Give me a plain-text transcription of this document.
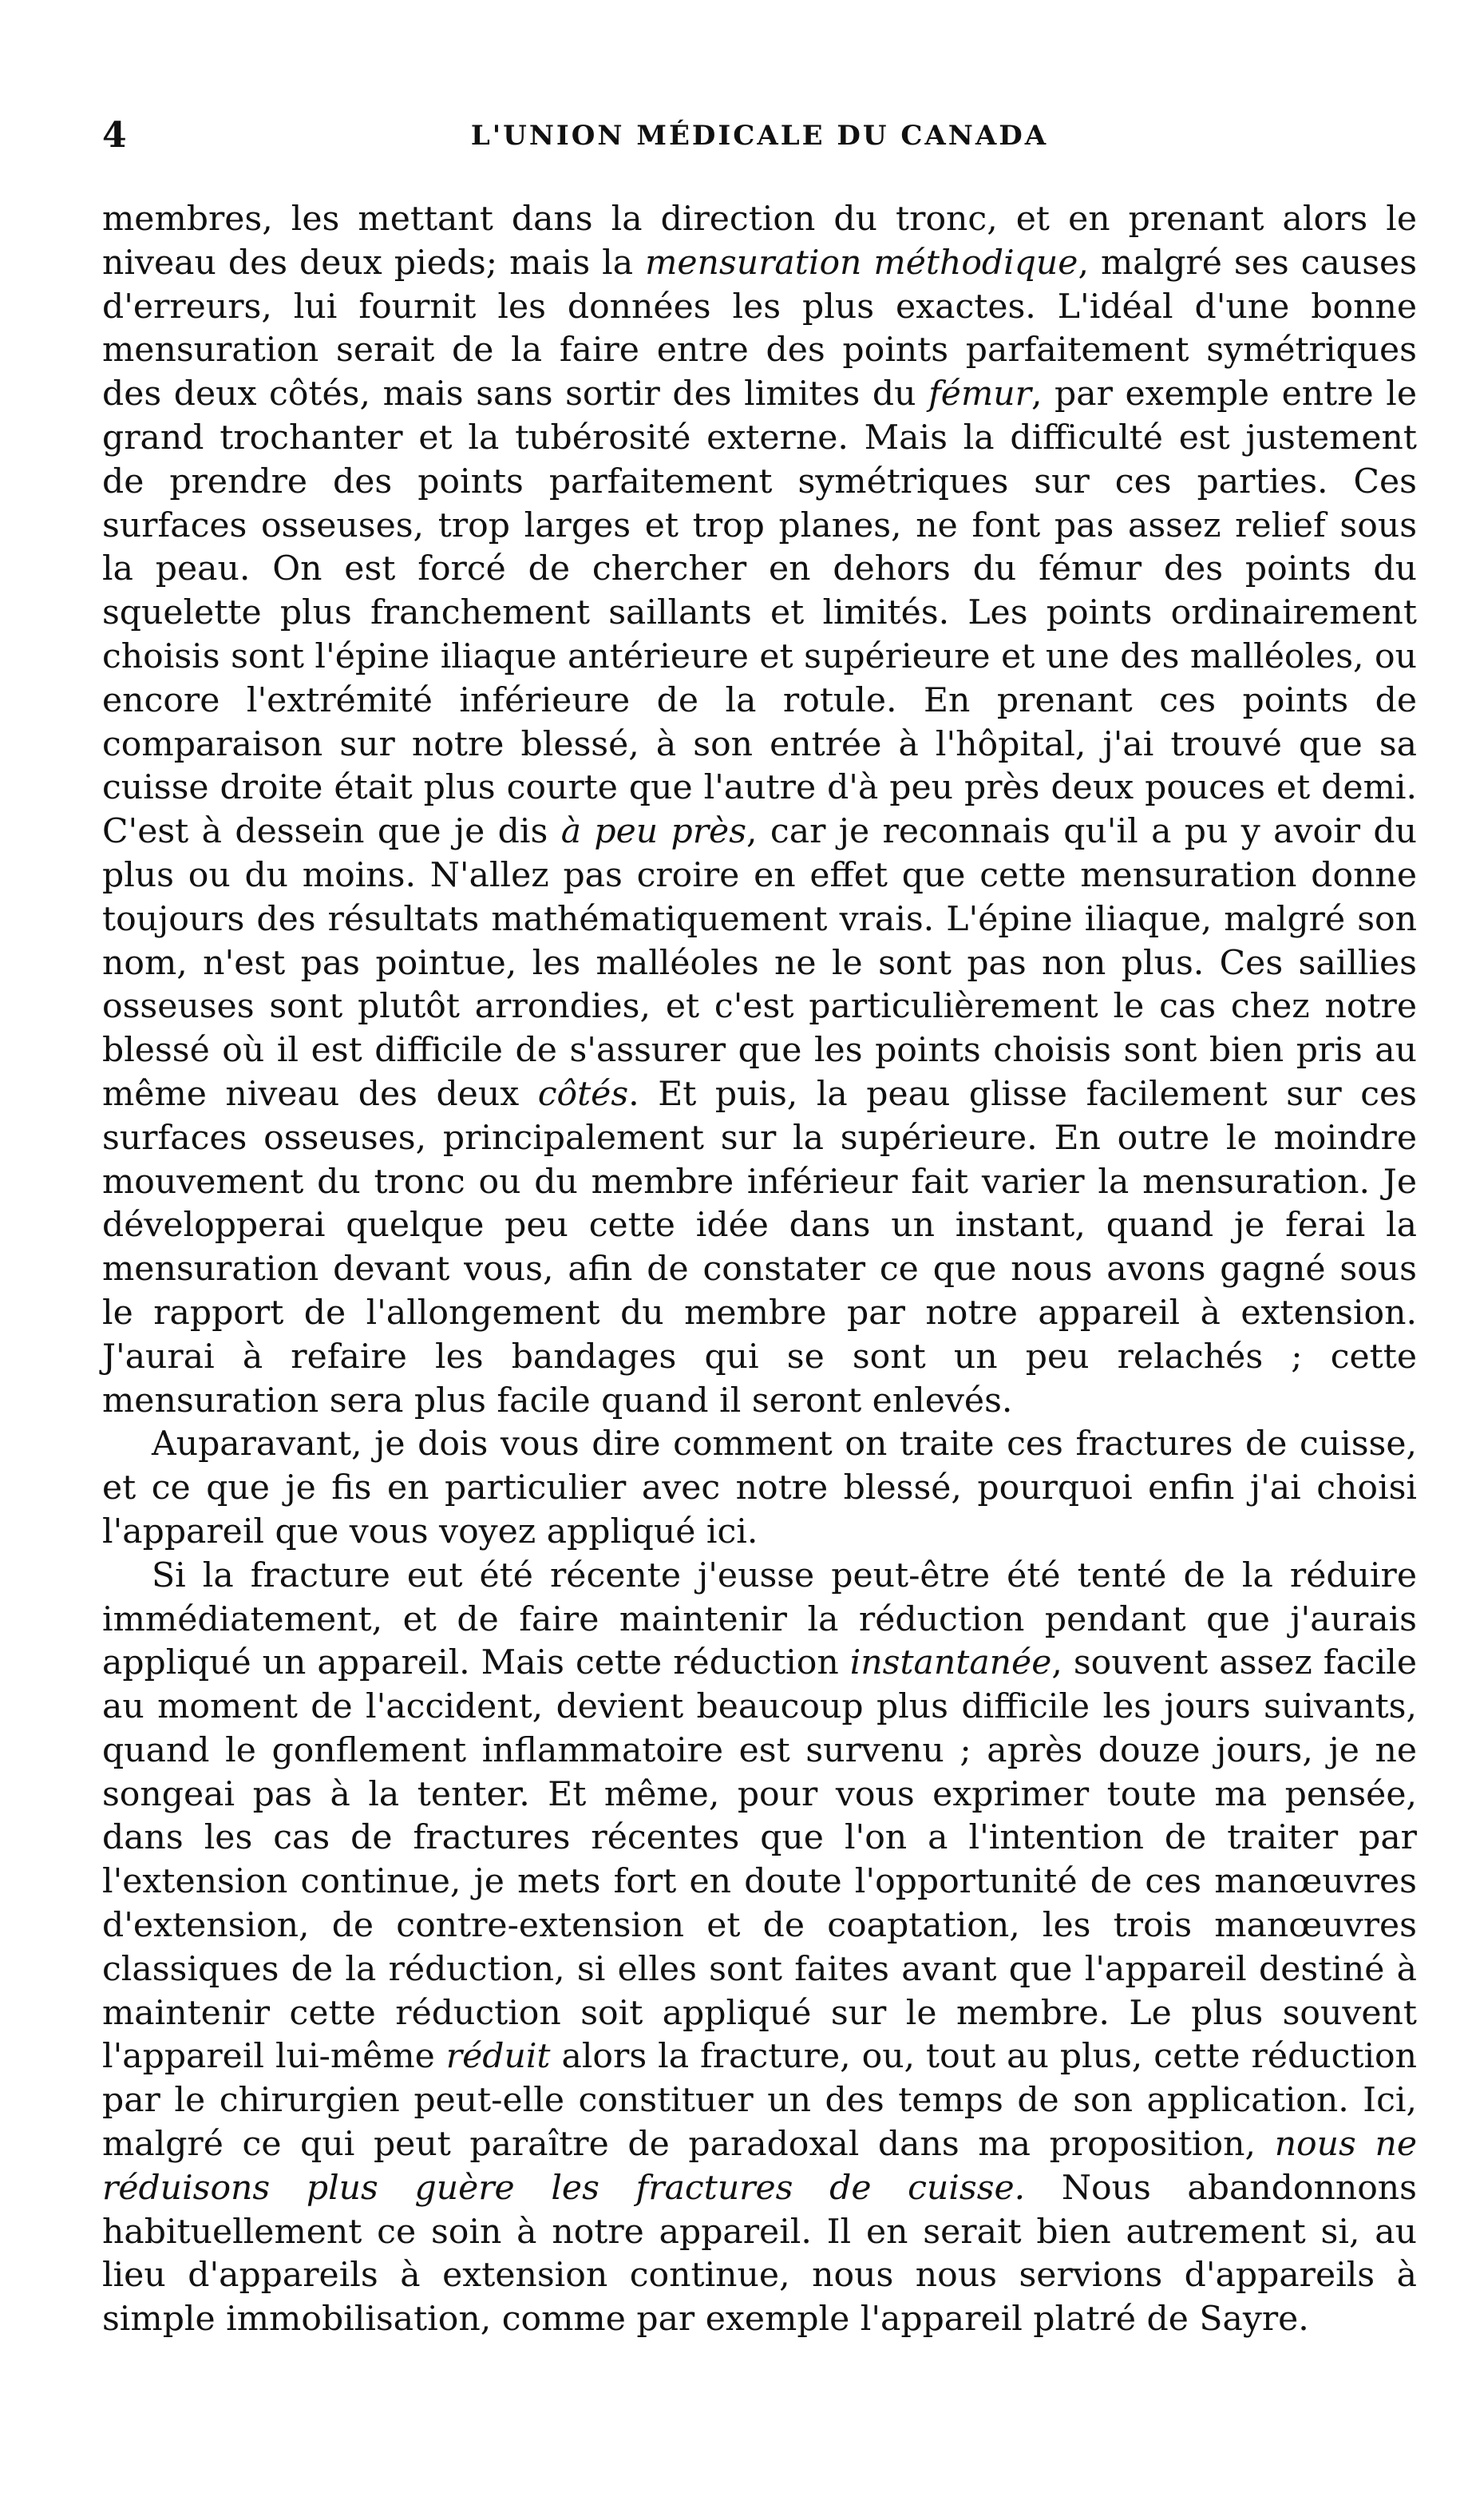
4	L'UNION MÉDICALE DU CANADA

membres, les mettant dans la direction du tronc, et en prenant alors le niveau des deux pieds; mais la mensuration méthodique, malgré ses causes d'erreurs, lui fournit les données les plus exactes. L'idéal d'une bonne mensuration serait de la faire entre des points parfaitement symétriques des deux côtés, mais sans sortir des limites du fémur, par exemple entre le grand trochanter et la tubérosité externe. Mais la difficulté est justement de prendre des points parfaitement symétriques sur ces parties. Ces surfaces osseuses, trop larges et trop planes, ne font pas assez relief sous la peau. On est forcé de chercher en dehors du fémur des points du squelette plus franchement saillants et limités. Les points ordinairement choisis sont l'épine iliaque antérieure et supérieure et une des malléoles, ou encore l'extrémité inférieure de la rotule. En prenant ces points de comparaison sur notre blessé, à son entrée à l'hôpital, j'ai trouvé que sa cuisse droite était plus courte que l'autre d'à peu près deux pouces et demi. C'est à dessein que je dis à peu près, car je reconnais qu'il a pu y avoir du plus ou du moins. N'allez pas croire en effet que cette mensuration donne toujours des résultats mathématiquement vrais. L'épine iliaque, malgré son nom, n'est pas pointue, les malléoles ne le sont pas non plus. Ces saillies osseuses sont plutôt arrondies, et c'est particulièrement le cas chez notre blessé où il est difficile de s'assurer que les points choisis sont bien pris au même niveau des deux côtés. Et puis, la peau glisse facilement sur ces surfaces osseuses, principalement sur la supérieure. En outre le moindre mouvement du tronc ou du membre inférieur fait varier la mensuration. Je développerai quelque peu cette idée dans un instant, quand je ferai la mensuration devant vous, afin de constater ce que nous avons gagné sous le rapport de l'allongement du membre par notre appareil à extension. J'aurai à refaire les bandages qui se sont un peu relachés ; cette mensuration sera plus facile quand il seront enlevés.

Auparavant, je dois vous dire comment on traite ces fractures de cuisse, et ce que je fis en particulier avec notre blessé, pourquoi enfin j'ai choisi l'appareil que vous voyez appliqué ici.

Si la fracture eut été récente j'eusse peut-être été tenté de la réduire immédiatement, et de faire maintenir la réduction pendant que j'aurais appliqué un appareil. Mais cette réduction instantanée, souvent assez facile au moment de l'accident, devient beaucoup plus difficile les jours suivants, quand le gonflement inflammatoire est survenu ; après douze jours, je ne songeai pas à la tenter. Et même, pour vous exprimer toute ma pensée, dans les cas de fractures récentes que l'on a l'intention de traiter par l'extension continue, je mets fort en doute l'opportunité de ces manœuvres d'extension, de contre-extension et de coaptation, les trois manœuvres classiques de la réduction, si elles sont faites avant que l'appareil destiné à maintenir cette réduction soit appliqué sur le membre. Le plus souvent l'appareil lui-même réduit alors la fracture, ou, tout au plus, cette réduction par le chirurgien peut-elle constituer un des temps de son application. Ici, malgré ce qui peut paraître de paradoxal dans ma proposition, nous ne réduisons plus guère les fractures de cuisse. Nous abandonnons habituellement ce soin à notre appareil. Il en serait bien autrement si, au lieu d'appareils à extension continue, nous nous servions d'appareils à simple immobilisation, comme par exemple l'appareil platré de Sayre.
